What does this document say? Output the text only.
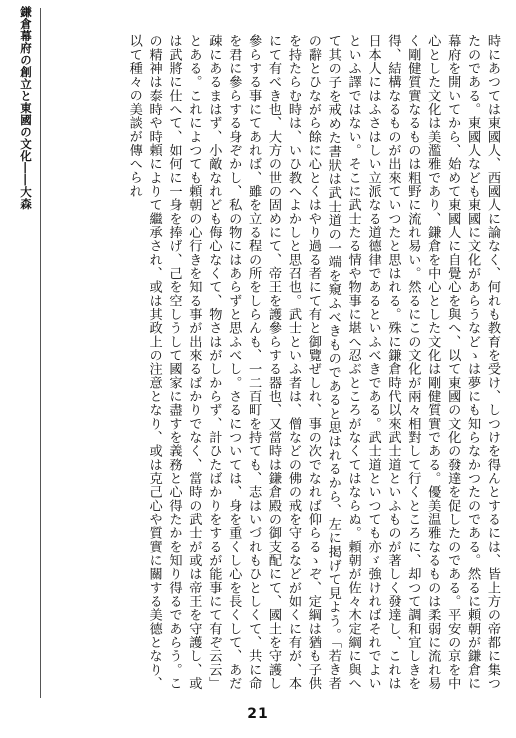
鎌倉幕府の創立と東國の文化――大森	時にあつては東國人、西國人に論なく、何れも教育を受け、しつけを得んとするには、皆上方の帝都に集つたのである。東國人なども東國に文化があらうなどゝは夢にも知らなかつたのである。然るに頼朝が鎌倉に幕府を開いてから、始めて東國人に自覺心を與へ、以て東國の文化の發達を促したのである。平安の京を中心とした文化は美濫雅であり、鎌倉を中心とした文化は剛健質實である。優美温雅なるものは柔弱に流れ易く剛健質實なるものは粗野に流れ易い。然るにこの文化が兩々相對して行くところに、却つて調和宜しきを得、結構なるものが出來ていつたと思はれる。殊に鎌倉時代以來武士道といふものが著しく發達し、これは日本人にはふさはしい立派なる道德律であるといふべきである。武士道といつても亦ゞ強ければそれでよいといふ譯ではない。そこに武士たる情や物事に堪へ忍ぶところがなくてはならぬ。頼朝が佐々木定綱に與へて其の子を戒めた書狀は武士道の一端を窺ふべきものであると思はれるから、左に掲げて見よう。「若き者の辭とひながら餘に心とくはやり過る者にて有と御覽ぜしれ、事の次でなれば仰らるゝぞ、定綱は猶も子供を持たらむ時は、いひ教へよかしと思召也。武士といふ者は、僧などの佛の戒を守るなどが如くに有が、本にて有べき也、大方の世の固めにて、帝王を護參らする器也、又當時は鎌倉殿の御支配にて、國土を守護し參らする事にてあれば、雖を立る程の所をしらんも、一二百町を持ても、志はいづれもひとしくて、共に命を君に參らする身ぞかし、私の物にはあらずと思ふべし。さるについては、身を重くし心を長くして、あだ疎にあるまはず、小敵なれども侮心なくて、物さはがしからず、計ひたばかりをするが能事にて有ぞ云云」とある。これによつても頼朝の心行きを知る事が出來るばかりでなく、當時の武士が或は帝王を守護し、或は武將に仕へて、如何に一身を捧げ、己を空しうして國家に盡すを義務と心得たかを知り得るであらう。この精神は泰時や時頼によりて繼承され、或は其政上の注意となり、或は克己心や質實に關する美德となり、以て種々の美談が傳へられ

21
